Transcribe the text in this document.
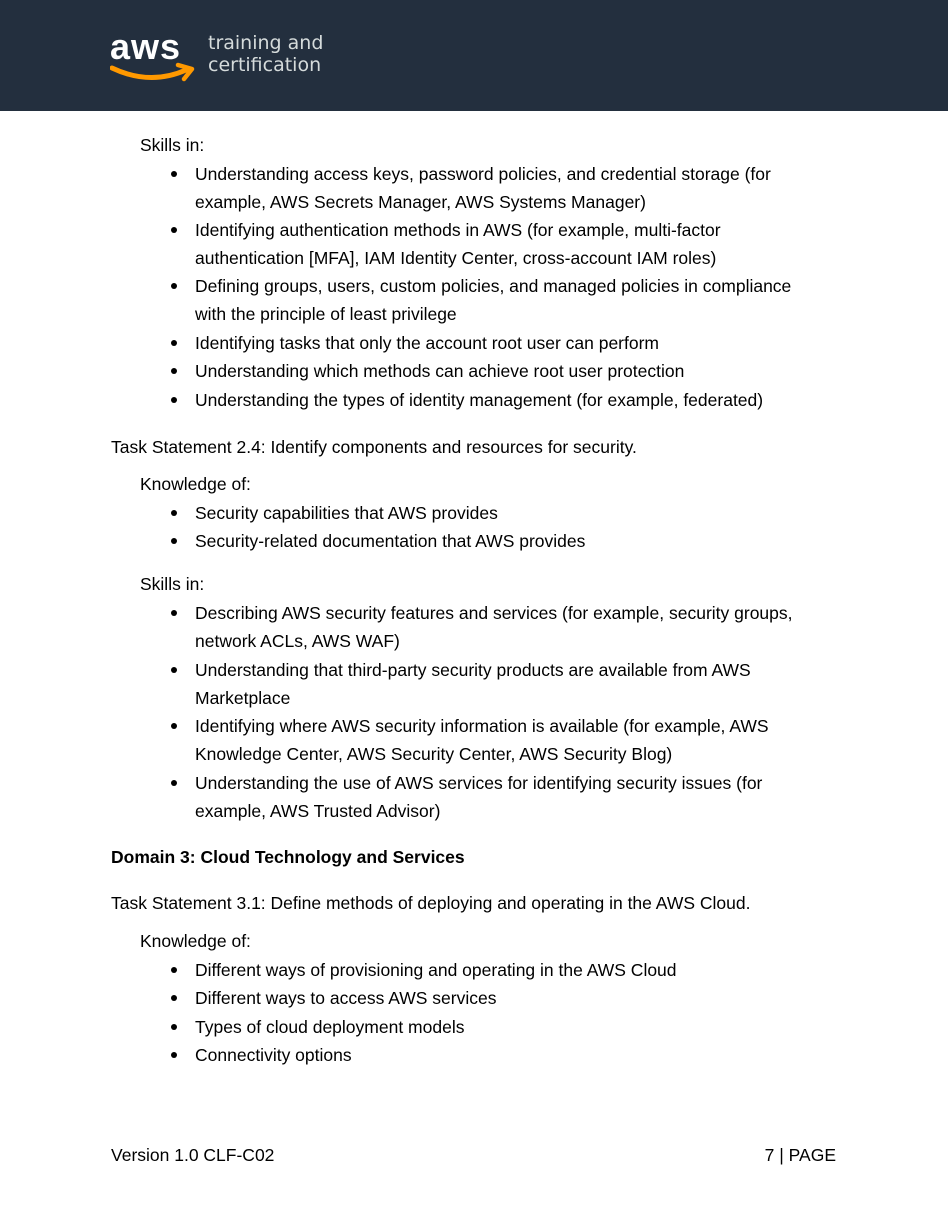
aws training and
certification
Skills in:
Understanding access keys, password policies, and credential storage (for
example, AWS Secrets Manager, AWS Systems Manager)
Identifying authentication methods in AWS (for example, multi-factor
authentication [MFA], IAM Identity Center, cross-account IAM roles)
Defining groups, users, custom policies, and managed policies in compliance
with the principle of least privilege
Identifying tasks that only the account root user can perform
Understanding which methods can achieve root user protection
Understanding the types of identity management (for example, federated)
Task Statement 2.4: Identify components and resources for security.
Knowledge of:
Security capabilities that AWS provides
Security-related documentation that AWS provides
Skills in:
Describing AWS security features and services (for example, security groups,
network ACLs, AWS WAF)
Understanding that third-party security products are available from AWS
Marketplace
Identifying where AWS security information is available (for example, AWS
Knowledge Center, AWS Security Center, AWS Security Blog)
Understanding the use of AWS services for identifying security issues (for
example, AWS Trusted Advisor)
Domain 3: Cloud Technology and Services
Task Statement 3.1: Define methods of deploying and operating in the AWS Cloud.
Knowledge of:
Different ways of provisioning and operating in the AWS Cloud
Different ways to access AWS services
Types of cloud deployment models
Connectivity options
Version 1.0 CLF-C02	7 | PAGE
